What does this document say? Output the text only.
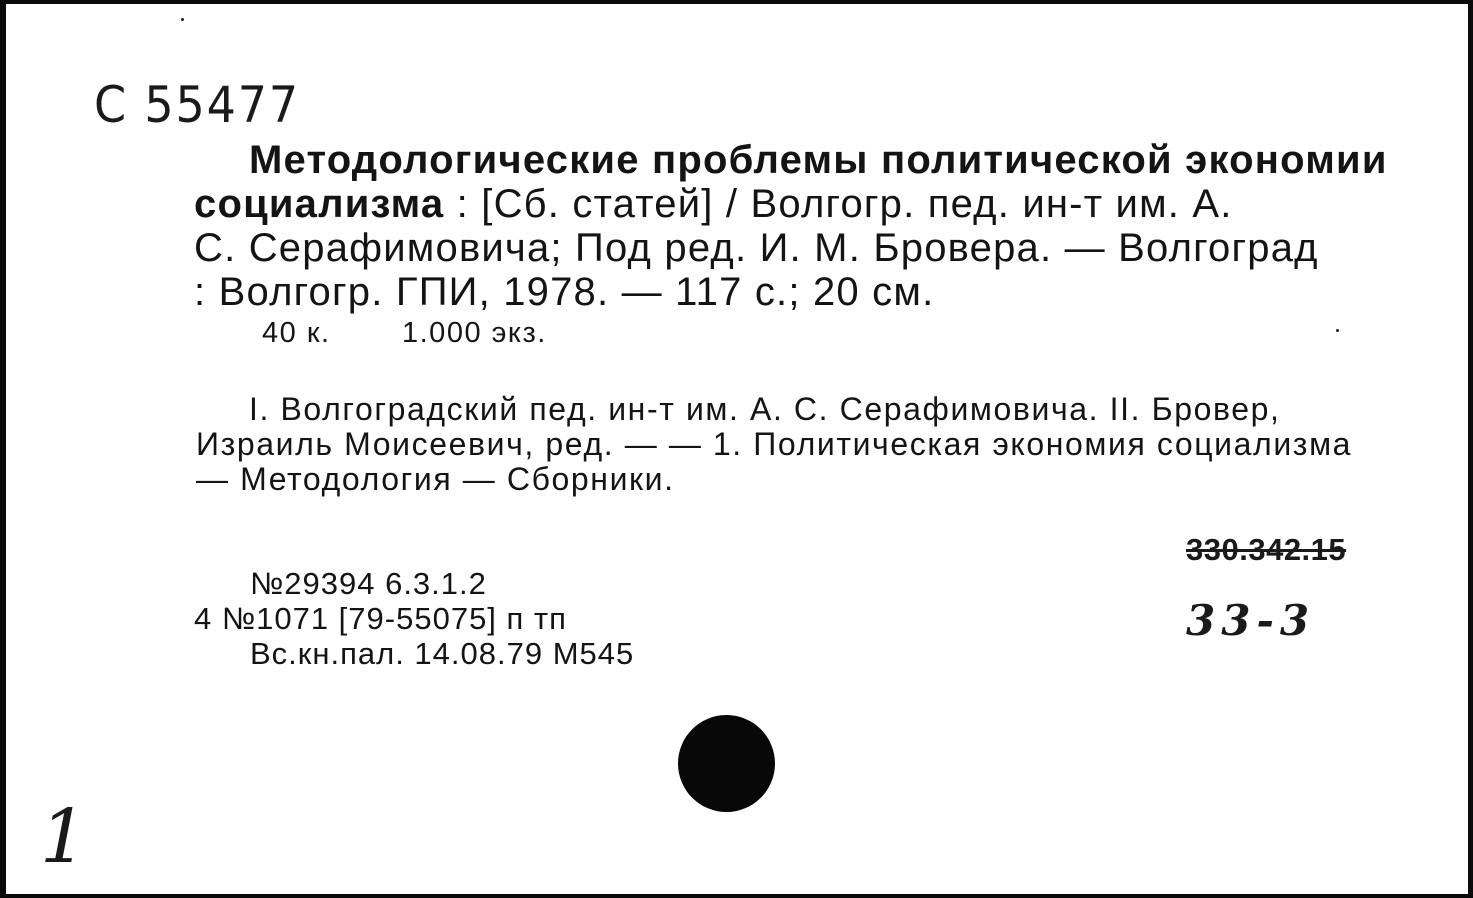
С 55477
Методологические проблемы политической экономии
социализма : [Сб. статей] / Волгогр. пед. ин-т им. А.
С. Серафимовича; Под ред. И. М. Бровера. — Волгоград
: Волгогр. ГПИ, 1978. — 117 с.; 20 см.
40 к. 1.000 экз.
I. Волгоградский пед. ин-т им. А. С. Серафимовича. II. Бровер,
Израиль Моисеевич, ред. — — 1. Политическая экономия социализма
— Методология — Сборники.
№29394 6.3.1.2
4 №1071 [79-55075] п тп
Вс.кн.пал. 14.08.79 М545
330.342.15
33-3
1
